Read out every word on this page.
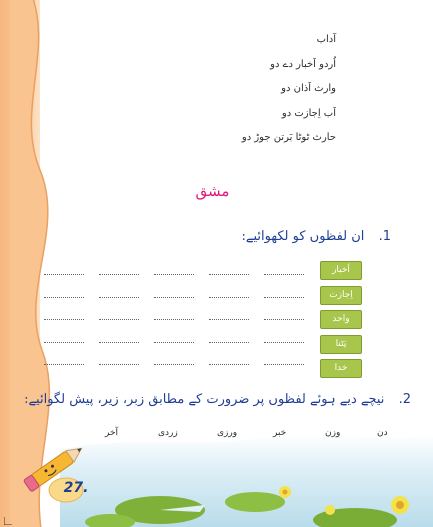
آداب
اُردو اَخبار دے دو
وارث اَذان دو
اَب اِجازت دو
حارث ٹوٹا بَرتن جوڑ دو
مشق
1. ان لفظوں کو لکھوائیے:
اَخبار
اِجازت
واحد
پَٹنا
خدا
2. نیچے دیے ہوئے لفظوں پر ضرورت کے مطابق زبر، زیر، پیش لگوائیے:
دن
وزن
خبر
ورزی
زردی
آخر
27.
